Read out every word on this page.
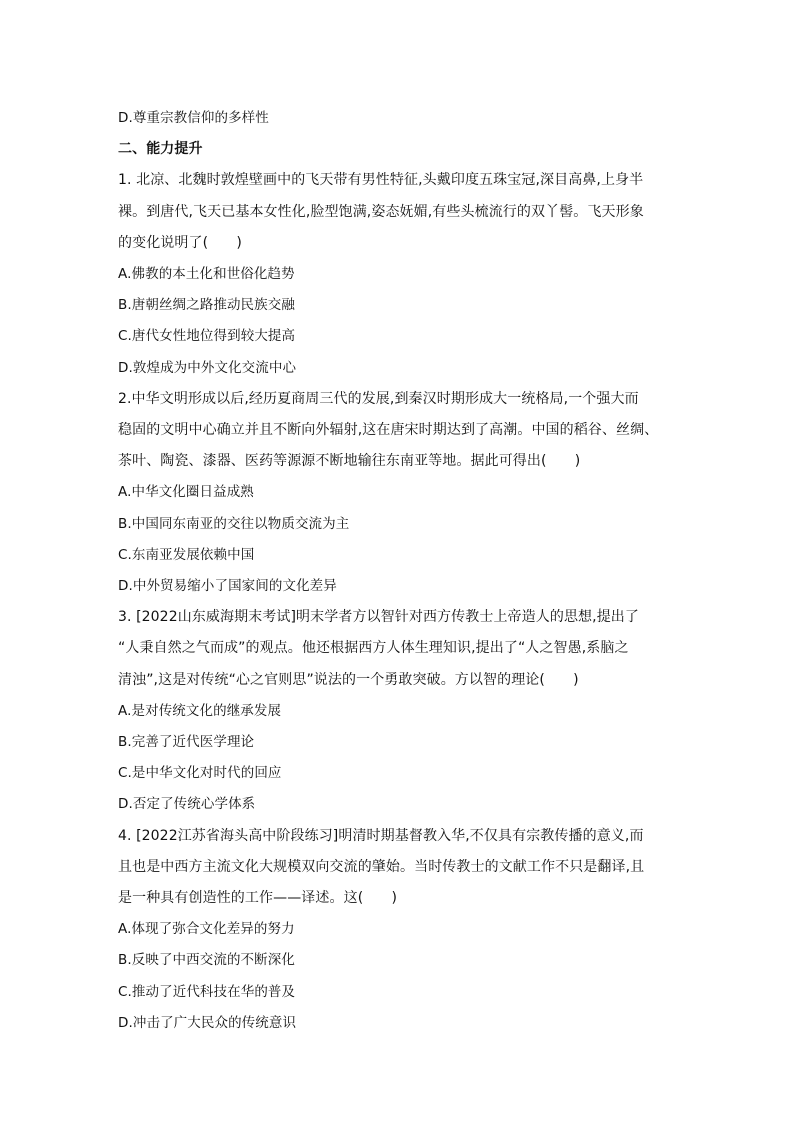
D.尊重宗教信仰的多样性
二、能力提升
1. 北凉、北魏时敦煌壁画中的飞天带有男性特征,头戴印度五珠宝冠,深目高鼻,上身半
裸。到唐代,飞天已基本女性化,脸型饱满,姿态妩媚,有些头梳流行的双丫髻。飞天形象
的变化说明了(　　)
A.佛教的本土化和世俗化趋势
B.唐朝丝绸之路推动民族交融
C.唐代女性地位得到较大提高
D.敦煌成为中外文化交流中心
2.中华文明形成以后,经历夏商周三代的发展,到秦汉时期形成大一统格局,一个强大而
稳固的文明中心确立并且不断向外辐射,这在唐宋时期达到了高潮。中国的稻谷、丝绸、
茶叶、陶瓷、漆器、医药等源源不断地输往东南亚等地。据此可得出(　　)
A.中华文化圈日益成熟
B.中国同东南亚的交往以物质交流为主
C.东南亚发展依赖中国
D.中外贸易缩小了国家间的文化差异
3. [2022山东威海期末考试]明末学者方以智针对西方传教士上帝造人的思想,提出了
“人秉自然之气而成”的观点。他还根据西方人体生理知识,提出了“人之智愚,系脑之
清浊”,这是对传统“心之官则思”说法的一个勇敢突破。方以智的理论(　　)
A.是对传统文化的继承发展
B.完善了近代医学理论
C.是中华文化对时代的回应
D.否定了传统心学体系
4. [2022江苏省海头高中阶段练习]明清时期基督教入华,不仅具有宗教传播的意义,而
且也是中西方主流文化大规模双向交流的肇始。当时传教士的文献工作不只是翻译,且
是一种具有创造性的工作——译述。这(　　)
A.体现了弥合文化差异的努力
B.反映了中西交流的不断深化
C.推动了近代科技在华的普及
D.冲击了广大民众的传统意识
